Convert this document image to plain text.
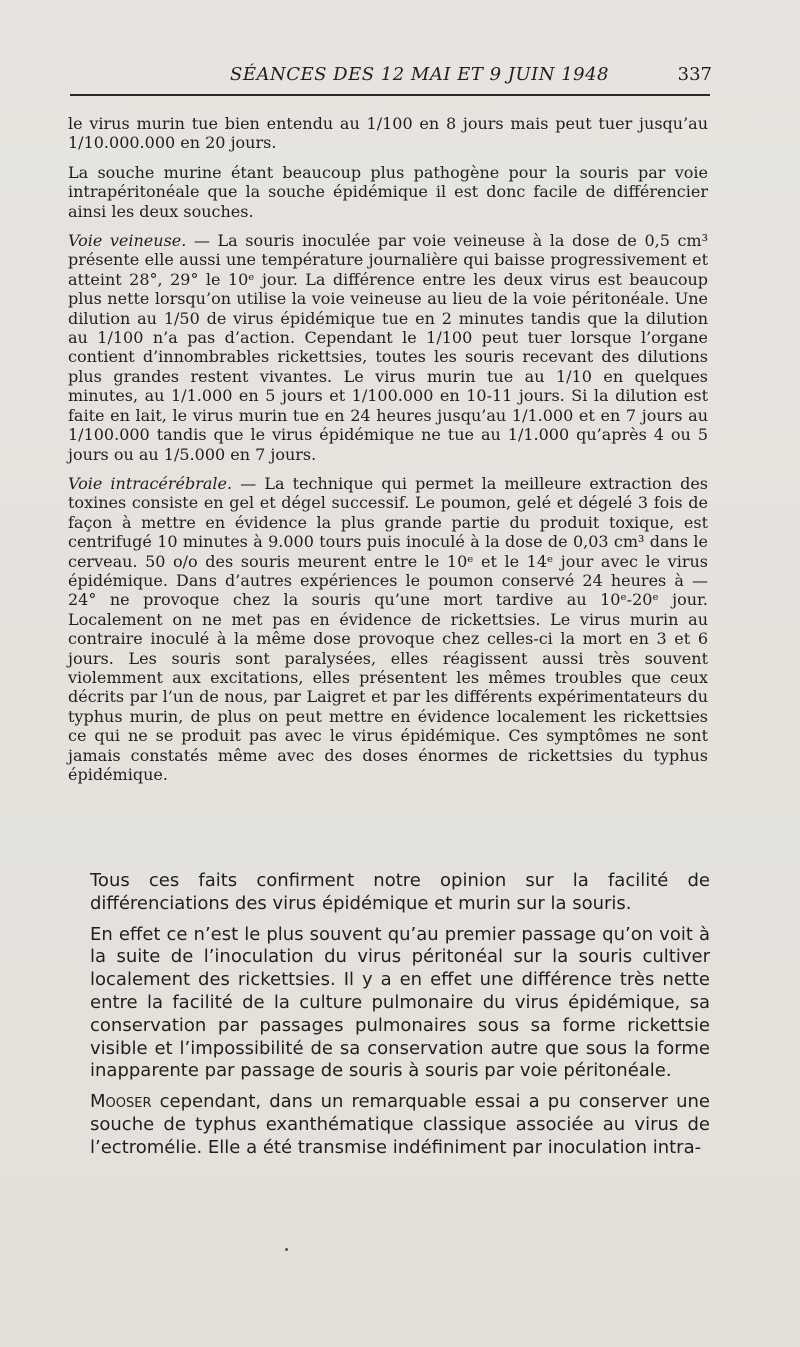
SÉANCES DES 12 MAI ET 9 JUIN 1948	337

le virus murin tue bien entendu au 1/100 en 8 jours mais peut tuer jusqu’au 1/10.000.000 en 20 jours.

La souche murine étant beaucoup plus pathogène pour la souris par voie intrapéritonéale que la souche épidémique il est donc facile de différencier ainsi les deux souches.

Voie veineuse. — La souris inoculée par voie veineuse à la dose de 0,5 cm³ présente elle aussi une température journalière qui baisse progressivement et atteint 28°, 29° le 10ᵉ jour. La différence entre les deux virus est beaucoup plus nette lorsqu’on utilise la voie veineuse au lieu de la voie péritonéale. Une dilution au 1/50 de virus épidémique tue en 2 minutes tandis que la dilution au 1/100 n’a pas d’action. Cependant le 1/100 peut tuer lorsque l’organe contient d’innombrables rickettsies, toutes les souris recevant des dilutions plus grandes restent vivantes. Le virus murin tue au 1/10 en quelques minutes, au 1/1.000 en 5 jours et 1/100.000 en 10-11 jours. Si la dilution est faite en lait, le virus murin tue en 24 heures jusqu’au 1/1.000 et en 7 jours au 1/100.000 tandis que le virus épidémique ne tue au 1/1.000 qu’après 4 ou 5 jours ou au 1/5.000 en 7 jours.

Voie intracérébrale. — La technique qui permet la meilleure extraction des toxines consiste en gel et dégel successif. Le poumon, gelé et dégelé 3 fois de façon à mettre en évidence la plus grande partie du produit toxique, est centrifugé 10 minutes à 9.000 tours puis inoculé à la dose de 0,03 cm³ dans le cerveau. 50 o/o des souris meurent entre le 10ᵉ et le 14ᵉ jour avec le virus épidémique. Dans d’autres expériences le poumon conservé 24 heures à — 24° ne provoque chez la souris qu’une mort tardive au 10ᵉ-20ᵉ jour. Localement on ne met pas en évidence de rickettsies. Le virus murin au contraire inoculé à la même dose provoque chez celles-ci la mort en 3 et 6 jours. Les souris sont paralysées, elles réagissent aussi très souvent violemment aux excitations, elles présentent les mêmes troubles que ceux décrits par l’un de nous, par Laigret et par les différents expérimentateurs du typhus murin, de plus on peut mettre en évidence localement les rickettsies ce qui ne se produit pas avec le virus épidémique. Ces symptômes ne sont jamais constatés même avec des doses énormes de rickettsies du typhus épidémique.

Tous ces faits confirment notre opinion sur la facilité de différenciations des virus épidémique et murin sur la souris.

En effet ce n’est le plus souvent qu’au premier passage qu’on voit à la suite de l’inoculation du virus péritonéal sur la souris cultiver localement des rickettsies. Il y a en effet une différence très nette entre la facilité de la culture pulmonaire du virus épidémique, sa conservation par passages pulmonaires sous sa forme rickettsie visible et l’impossibilité de sa conservation autre que sous la forme inapparente par passage de souris à souris par voie péritonéale.

Mooser cependant, dans un remarquable essai a pu conserver une souche de typhus exanthématique classique associée au virus de l’ectromélie. Elle a été transmise indéfiniment par inoculation intra-
